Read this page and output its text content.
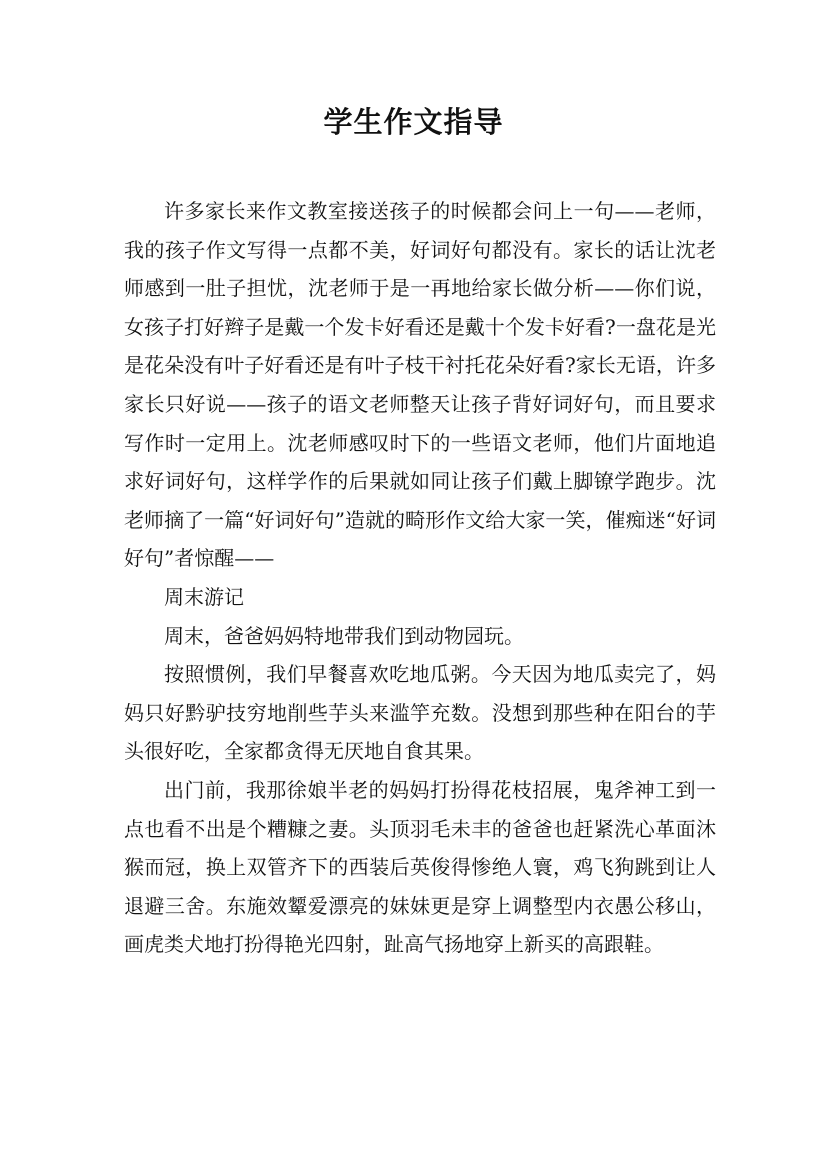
学生作文指导

许多家长来作文教室接送孩子的时候都会问上一句——老师，我的孩子作文写得一点都不美，好词好句都没有。家长的话让沈老师感到一肚子担忧，沈老师于是一再地给家长做分析——你们说，女孩子打好辫子是戴一个发卡好看还是戴十个发卡好看?一盘花是光是花朵没有叶子好看还是有叶子枝干衬托花朵好看?家长无语，许多家长只好说——孩子的语文老师整天让孩子背好词好句，而且要求写作时一定用上。沈老师感叹时下的一些语文老师，他们片面地追求好词好句，这样学作的后果就如同让孩子们戴上脚镣学跑步。沈老师摘了一篇“好词好句”造就的畸形作文给大家一笑，催痴迷“好词好句”者惊醒——

周末游记

周末，爸爸妈妈特地带我们到动物园玩。

按照惯例，我们早餐喜欢吃地瓜粥。今天因为地瓜卖完了，妈妈只好黔驴技穷地削些芋头来滥竽充数。没想到那些种在阳台的芋头很好吃，全家都贪得无厌地自食其果。

出门前，我那徐娘半老的妈妈打扮得花枝招展，鬼斧神工到一点也看不出是个糟糠之妻。头顶羽毛未丰的爸爸也赶紧洗心革面沐猴而冠，换上双管齐下的西装后英俊得惨绝人寰，鸡飞狗跳到让人退避三舍。东施效颦爱漂亮的妹妹更是穿上调整型内衣愚公移山，画虎类犬地打扮得艳光四射，趾高气扬地穿上新买的高跟鞋。
